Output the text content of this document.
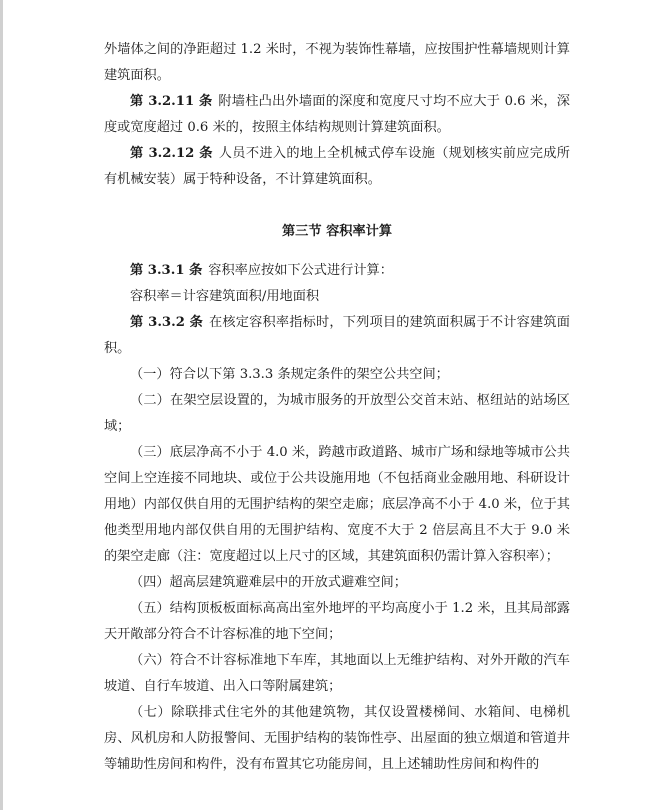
外墙体之间的净距超过 1.2 米时，不视为装饰性幕墙，应按围护性幕墙规则计算建筑面积。

第 3.2.11 条 附墙柱凸出外墙面的深度和宽度尺寸均不应大于 0.6 米，深度或宽度超过 0.6 米的，按照主体结构规则计算建筑面积。

第 3.2.12 条 人员不进入的地上全机械式停车设施（规划核实前应完成所有机械安装）属于特种设备，不计算建筑面积。

第三节 容积率计算

第 3.3.1 条 容积率应按如下公式进行计算：

容积率＝计容建筑面积/用地面积

第 3.3.2 条 在核定容积率指标时，下列项目的建筑面积属于不计容建筑面积。

（一）符合以下第 3.3.3 条规定条件的架空公共空间；

（二）在架空层设置的，为城市服务的开放型公交首末站、枢纽站的站场区域；

（三）底层净高不小于 4.0 米，跨越市政道路、城市广场和绿地等城市公共空间上空连接不同地块、或位于公共设施用地（不包括商业金融用地、科研设计用地）内部仅供自用的无围护结构的架空走廊；底层净高不小于 4.0 米，位于其他类型用地内部仅供自用的无围护结构、宽度不大于 2 倍层高且不大于 9.0 米的架空走廊（注：宽度超过以上尺寸的区域，其建筑面积仍需计算入容积率）；

（四）超高层建筑避难层中的开放式避难空间；

（五）结构顶板板面标高高出室外地坪的平均高度小于 1.2 米，且其局部露天开敞部分符合不计容标准的地下空间；

（六）符合不计容标准地下车库，其地面以上无维护结构、对外开敞的汽车坡道、自行车坡道、出入口等附属建筑；

（七）除联排式住宅外的其他建筑物，其仅设置楼梯间、水箱间、电梯机房、风机房和人防报警间、无围护结构的装饰性亭、出屋面的独立烟道和管道井等辅助性房间和构件，没有布置其它功能房间，且上述辅助性房间和构件的
